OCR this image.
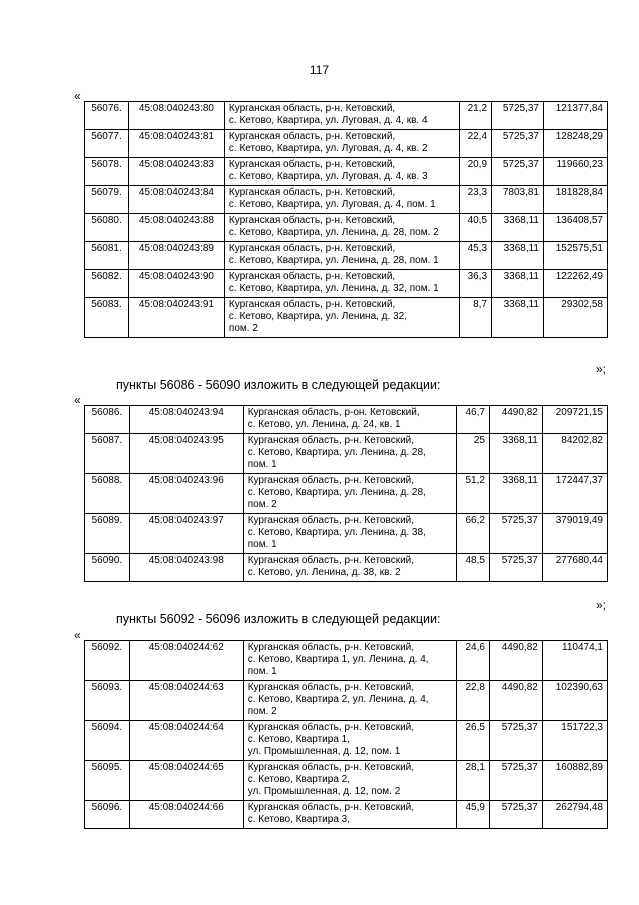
117
«
56076.	45:08:040243:80	Курганская область, р-н. Кетовский,
с. Кетово, Квартира, ул. Луговая, д. 4, кв. 4	21,2	5725,37	121377,84
56077.	45:08:040243:81	Курганская область, р-н. Кетовский,
с. Кетово, Квартира, ул. Луговая, д. 4, кв. 2	22,4	5725,37	128248,29
56078.	45:08:040243:83	Курганская область, р-н. Кетовский,
с. Кетово, Квартира, ул. Луговая, д. 4, кв. 3	20,9	5725,37	119660,23
56079.	45:08:040243:84	Курганская область, р-н. Кетовский,
с. Кетово, Квартира, ул. Луговая, д. 4, пом. 1	23,3	7803,81	181828,84
56080.	45:08:040243:88	Курганская область, р-н. Кетовский,
с. Кетово, Квартира, ул. Ленина, д. 28, пом. 2	40,5	3368,11	136408,57
56081.	45:08:040243:89	Курганская область, р-н. Кетовский,
с. Кетово, Квартира, ул. Ленина, д. 28, пом. 1	45,3	3368,11	152575,51
56082.	45:08:040243:90	Курганская область, р-н. Кетовский,
с. Кетово, Квартира, ул. Ленина, д. 32, пом. 1	36,3	3368,11	122262,49
56083.	45:08:040243:91	Курганская область, р-н. Кетовский,
с. Кетово, Квартира, ул. Ленина, д. 32,
пом. 2	8,7	3368,11	29302,58
»;
пункты 56086 - 56090 изложить в следующей редакции:
«
56086.	45:08:040243:94	Курганская область, р-он. Кетовский,
с. Кетово, ул. Ленина, д. 24, кв. 1	46,7	4490,82	209721,15
56087.	45:08:040243:95	Курганская область, р-н. Кетовский,
с. Кетово, Квартира, ул. Ленина, д. 28,
пом. 1	25	3368,11	84202,82
56088.	45:08:040243:96	Курганская область, р-н. Кетовский,
с. Кетово, Квартира, ул. Ленина, д. 28,
пом. 2	51,2	3368,11	172447,37
56089.	45:08:040243:97	Курганская область, р-н. Кетовский,
с. Кетово, Квартира, ул. Ленина, д. 38,
пом. 1	66,2	5725,37	379019,49
56090.	45:08:040243:98	Курганская область, р-н. Кетовский,
с. Кетово, ул. Ленина, д. 38, кв. 2	48,5	5725,37	277680,44
»;
пункты 56092 - 56096 изложить в следующей редакции:
«
56092.	45:08:040244:62	Курганская область, р-н. Кетовский,
с. Кетово, Квартира 1, ул. Ленина, д. 4,
пом. 1	24,6	4490,82	110474,1
56093.	45:08:040244:63	Курганская область, р-н. Кетовский,
с. Кетово, Квартира 2, ул. Ленина, д. 4,
пом. 2	22,8	4490,82	102390,63
56094.	45:08:040244:64	Курганская область, р-н. Кетовский,
с. Кетово, Квартира 1,
ул. Промышленная, д. 12, пом. 1	26,5	5725,37	151722,3
56095.	45:08:040244:65	Курганская область, р-н. Кетовский,
с. Кетово, Квартира 2,
ул. Промышленная, д. 12, пом. 2	28,1	5725,37	160882,89
56096.	45:08:040244:66	Курганская область, р-н. Кетовский,
с. Кетово, Квартира 3,	45,9	5725,37	262794,48
